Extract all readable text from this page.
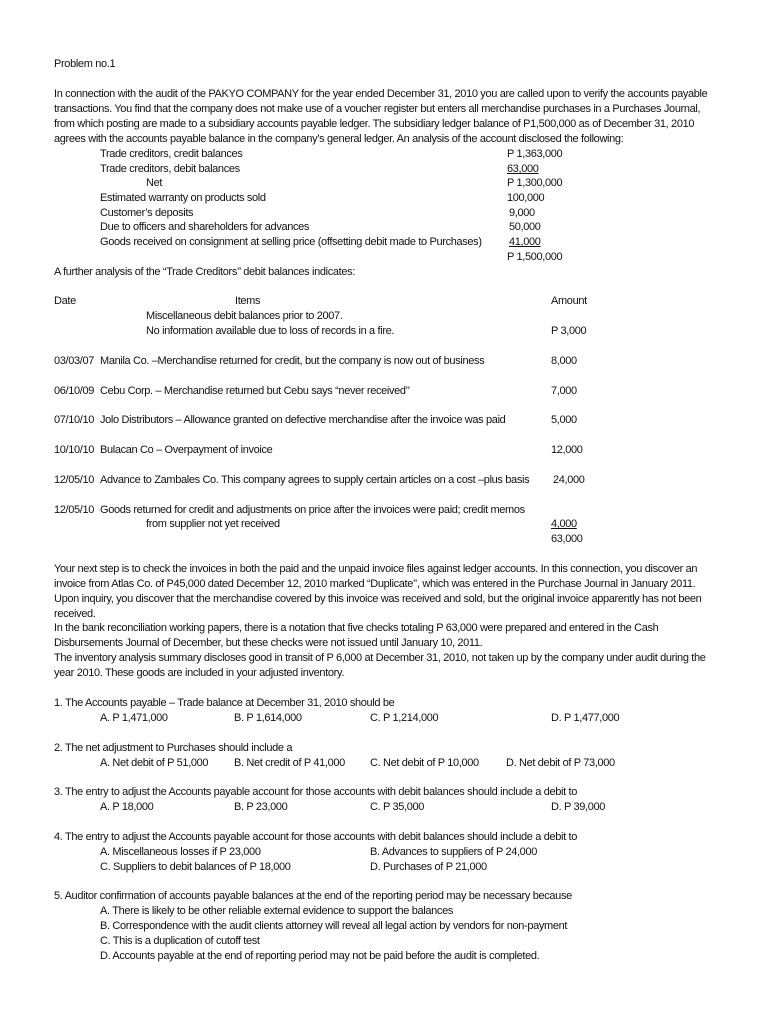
Problem no.1
In connection with the audit of the PAKYO COMPANY for the year ended December 31, 2010 you are called upon to verify the accounts payable
transactions. You find that the company does not make use of a voucher register but enters all merchandise purchases in a Purchases Journal,
from which posting are made to a subsidiary accounts payable ledger. The subsidiary ledger balance of P1,500,000 as of December 31, 2010
agrees with the accounts payable balance in the company’s general ledger. An analysis of the account disclosed the following:
Trade creditors, credit balances	P 1,363,000
Trade creditors, debit balances	63,000
Net	P 1,300,000
Estimated warranty on products sold	100,000
Customer’s deposits	9,000
Due to officers and shareholders for advances	50,000
Goods received on consignment at selling price (offsetting debit made to Purchases) 41,000
P 1,500,000
A further analysis of the “Trade Creditors’’ debit balances indicates:
Date	Items	Amount
Miscellaneous debit balances prior to 2007.
No information available due to loss of records in a fire.	P 3,000
03/03/07 Manila Co. –Merchandise returned for credit, but the company is now out of business	8,000
06/10/09 Cebu Corp. – Merchandise returned but Cebu says “never received’’	7,000
07/10/10 Jolo Distributors – Allowance granted on defective merchandise after the invoice was paid	5,000
10/10/10 Bulacan Co – Overpayment of invoice	12,000
12/05/10 Advance to Zambales Co. This company agrees to supply certain articles on a cost –plus basis 24,000
12/05/10 Goods returned for credit and adjustments on price after the invoices were paid; credit memos
from supplier not yet received	4,000
63,000
Your next step is to check the invoices in both the paid and the unpaid invoice files against ledger accounts. In this connection, you discover an
invoice from Atlas Co. of P45,000 dated December 12, 2010 marked “Duplicate’’, which was entered in the Purchase Journal in January 2011.
Upon inquiry, you discover that the merchandise covered by this invoice was received and sold, but the original invoice apparently has not been
received.
In the bank reconciliation working papers, there is a notation that five checks totaling P 63,000 were prepared and entered in the Cash
Disbursements Journal of December, but these checks were not issued until January 10, 2011.
The inventory analysis summary discloses good in transit of P 6,000 at December 31, 2010, not taken up by the company under audit during the
year 2010. These goods are included in your adjusted inventory.
1. The Accounts payable – Trade balance at December 31, 2010 should be
A. P 1,471,000	B. P 1,614,000	C. P 1,214,000	D. P 1,477,000
2. The net adjustment to Purchases should include a
A. Net debit of P 51,000 B. Net credit of P 41,000 C. Net debit of P 10,000 D. Net debit of P 73,000
3. The entry to adjust the Accounts payable account for those accounts with debit balances should include a debit to
A. P 18,000	B. P 23,000	C. P 35,000	D. P 39,000
4. The entry to adjust the Accounts payable account for those accounts with debit balances should include a debit to
A. Miscellaneous losses if P 23,000	B. Advances to suppliers of P 24,000
C. Suppliers to debit balances of P 18,000	D. Purchases of P 21,000
5. Auditor confirmation of accounts payable balances at the end of the reporting period may be necessary because
A. There is likely to be other reliable external evidence to support the balances
B. Correspondence with the audit clients attorney will reveal all legal action by vendors for non-payment
C. This is a duplication of cutoff test
D. Accounts payable at the end of reporting period may not be paid before the audit is completed.
